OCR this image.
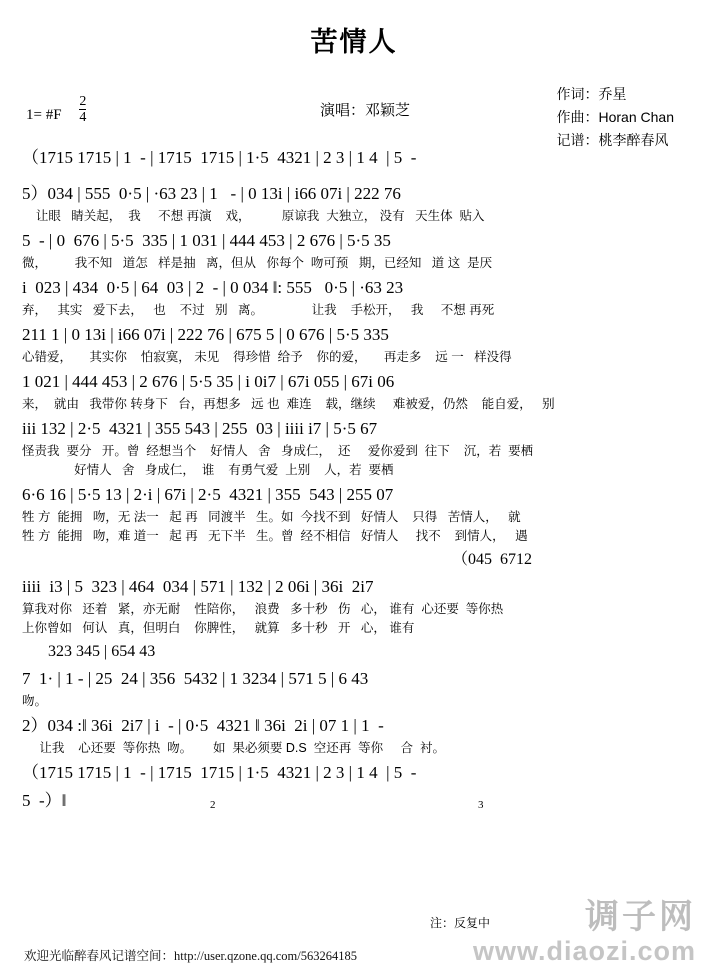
苦情人
1= #F $\frac{2}{4}$	演唱：邓颖芝
作词：乔星
作曲：Horan Chan
记谱：桃李醉春风
（1715 1715 | 1  - | 1715  1715 | 1·5  4321 | 2 3 | 1 4  | 5  -
5）034 | 555  0·5 | ·63 23 | 1   - | 0 13i | i66 07i | 222 76
让眼   睛关起，  我     不想 再演    戏，         原谅我  大独立， 没有   天生体  贴入
5  - | 0  676 | 5·5  335 | 1 031 | 444 453 | 2 676 | 5·5 35
微，        我不知   道怎   样是抽   离，但从   你每个  吻可预   期，已经知   道 这  是厌
i  023 | 434  0·5 | 64  03 | 2  - | 0 034 ‖: 555   0·5 | ·63 23
弃，   其实   爱下去，   也    不过   别   离。              让我    手松开，   我     不想 再死
211 1 | 0 13i | i66 07i | 222 76 | 675 5 | 0 676 | 5·5 335
心错爱，     其实你    怕寂寞， 未见    得珍惜  给予    你的爱，     再走多    远 一   样没得
1 021 | 444 453 | 2 676 | 5·5 35 | i 0i7 | 67i 055 | 67i 06
来，  就由   我带你 转身下   台，再想多   远 也  难连    载，继续     难被爱，仍然    能自爱，   别
iii 132 | 2·5  4321 | 355 543 | 255  03 | iiii i7 | 5·5 67
怪责我  要分   开。曾  经想当个    好情人   舍   身成仁，  还     爱你爱到  往下    沉，若  要栖
好情人   舍   身成仁，  谁    有勇气爱  上别    人，若  要栖
6·6 16 | 5·5 13 | 2·i | 67i | 2·5  4321 | 355  543 | 255 07
牲 方  能拥   吻，无 法一   起 再   同渡半   生。如  今找不到   好情人    只得   苦情人，   就
牲 方  能拥   吻，难 道一   起 再   无下半   生。曾  经不相信   好情人     找不    到情人，   遇
（045  6712
iiii  i3 | 5  323 | 464  034 | 571 | 132 | 2 06i | 36i  2i7
算我对你   还着   紧，亦无耐    性陪你，   浪费   多十秒   伤   心， 谁有  心还要  等你热
上你曾如   何认   真，但明白    你脾性，   就算   多十秒   开   心， 谁有
323 345 | 654 43
7  1· | 1 - | 25  24 | 356  5432 | 1 3234 | 571 5 | 6 43
吻。
2）034 :‖ 36i  2i7 | i  - | 0·5  4321 ‖ 36i  2i | 07 1 | 1  -
让我    心还要  等你热  吻。      如  果必须要 D.S  空还再  等你     合  衬。
（1715 1715 | 1  - | 1715  1715 | 1·5  4321 | 2 3 | 1 4  | 5  -
5  -）‖	2	3
注：反复中
欢迎光临醉春风记谱空间：http://user.qzone.qq.com/563264185
调子网
www.diaozi.com
